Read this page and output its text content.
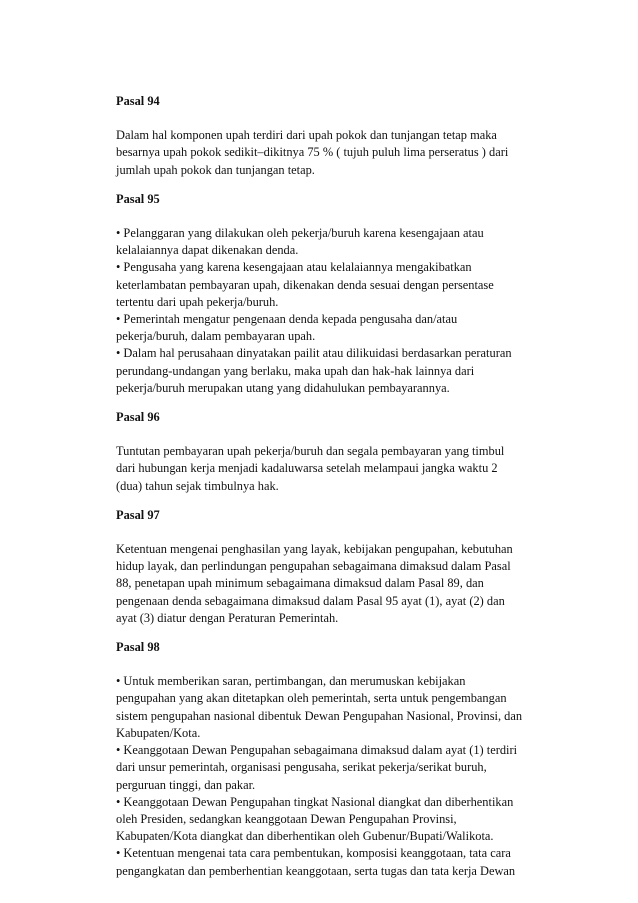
Pasal 94

Dalam hal komponen upah terdiri dari upah pokok dan tunjangan tetap maka
besarnya upah pokok sedikit–dikitnya 75 % ( tujuh puluh lima perseratus ) dari
jumlah upah pokok dan tunjangan tetap.

Pasal 95

• Pelanggaran yang dilakukan oleh pekerja/buruh karena kesengajaan atau
kelalaiannya dapat dikenakan denda.
• Pengusaha yang karena kesengajaan atau kelalaiannya mengakibatkan
keterlambatan pembayaran upah, dikenakan denda sesuai dengan persentase
tertentu dari upah pekerja/buruh.
• Pemerintah mengatur pengenaan denda kepada pengusaha dan/atau
pekerja/buruh, dalam pembayaran upah.
• Dalam hal perusahaan dinyatakan pailit atau dilikuidasi berdasarkan peraturan
perundang-undangan yang berlaku, maka upah dan hak-hak lainnya dari
pekerja/buruh merupakan utang yang didahulukan pembayarannya.

Pasal 96

Tuntutan pembayaran upah pekerja/buruh dan segala pembayaran yang timbul
dari hubungan kerja menjadi kadaluwarsa setelah melampaui jangka waktu 2
(dua) tahun sejak timbulnya hak.

Pasal 97

Ketentuan mengenai penghasilan yang layak, kebijakan pengupahan, kebutuhan
hidup layak, dan perlindungan pengupahan sebagaimana dimaksud dalam Pasal
88, penetapan upah minimum sebagaimana dimaksud dalam Pasal 89, dan
pengenaan denda sebagaimana dimaksud dalam Pasal 95 ayat (1), ayat (2) dan
ayat (3) diatur dengan Peraturan Pemerintah.

Pasal 98

• Untuk memberikan saran, pertimbangan, dan merumuskan kebijakan
pengupahan yang akan ditetapkan oleh pemerintah, serta untuk pengembangan
sistem pengupahan nasional dibentuk Dewan Pengupahan Nasional, Provinsi, dan
Kabupaten/Kota.
• Keanggotaan Dewan Pengupahan sebagaimana dimaksud dalam ayat (1) terdiri
dari unsur pemerintah, organisasi pengusaha, serikat pekerja/serikat buruh,
perguruan tinggi, dan pakar.
• Keanggotaan Dewan Pengupahan tingkat Nasional diangkat dan diberhentikan
oleh Presiden, sedangkan keanggotaan Dewan Pengupahan Provinsi,
Kabupaten/Kota diangkat dan diberhentikan oleh Gubenur/Bupati/Walikota.
• Ketentuan mengenai tata cara pembentukan, komposisi keanggotaan, tata cara
pengangkatan dan pemberhentian keanggotaan, serta tugas dan tata kerja Dewan
